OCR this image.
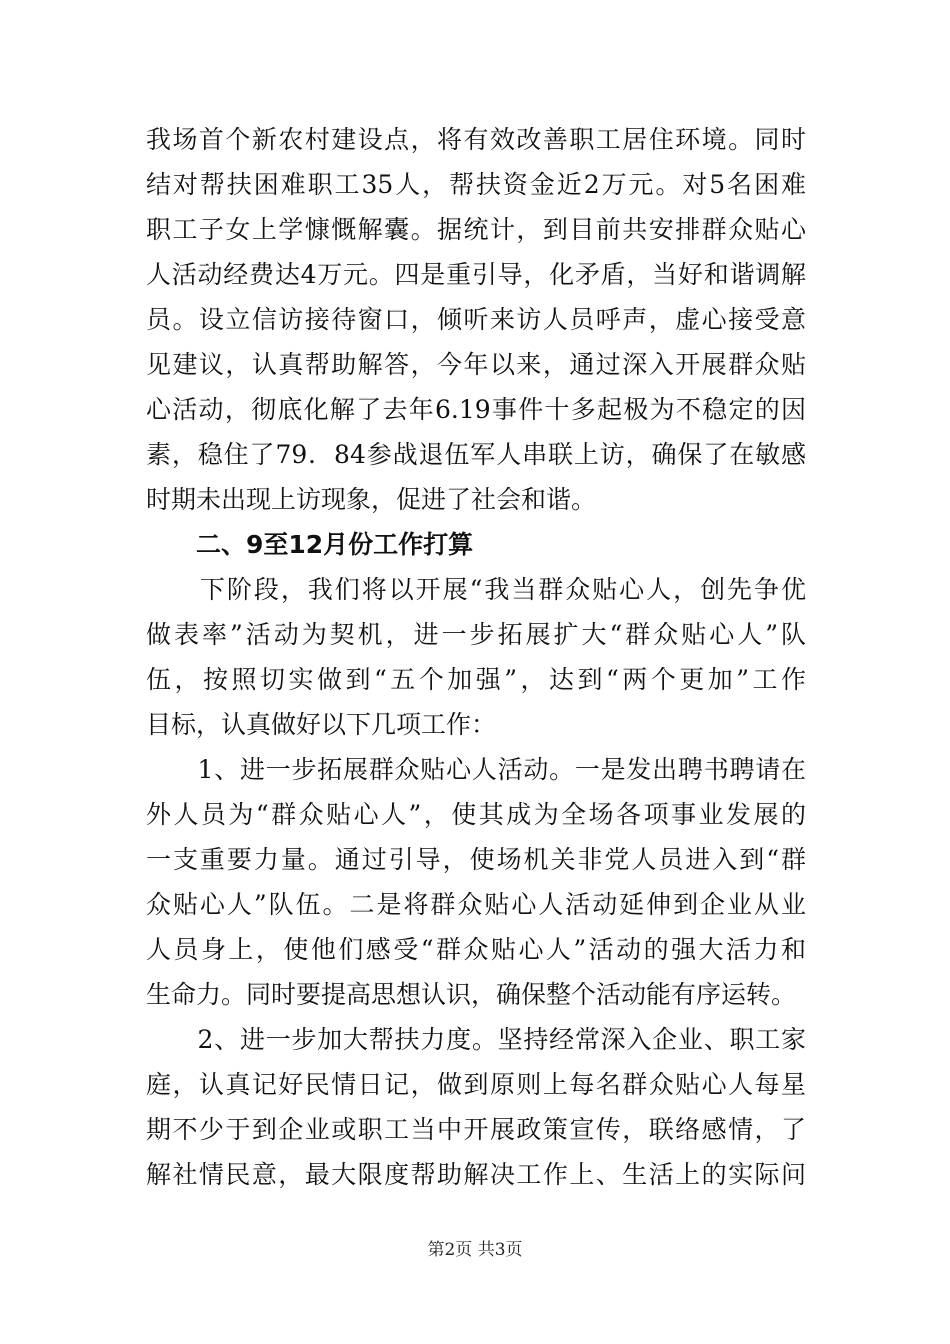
我场首个新农村建设点，将有效改善职工居住环境。同时
结对帮扶困难职工35人，帮扶资金近2万元。对5名困难
职工子女上学慷慨解囊。据统计，到目前共安排群众贴心
人活动经费达4万元。四是重引导，化矛盾，当好和谐调解
员。设立信访接待窗口，倾听来访人员呼声，虚心接受意
见建议，认真帮助解答，今年以来，通过深入开展群众贴
心活动，彻底化解了去年6.19事件十多起极为不稳定的因
素，稳住了79．84参战退伍军人串联上访，确保了在敏感
时期未出现上访现象，促进了社会和谐。
　　二、9至12月份工作打算
　　下阶段，我们将以开展“我当群众贴心人，创先争优
做表率”活动为契机，进一步拓展扩大“群众贴心人”队
伍，按照切实做到“五个加强”，达到“两个更加”工作
目标，认真做好以下几项工作：
　　1、进一步拓展群众贴心人活动。一是发出聘书聘请在
外人员为“群众贴心人”，使其成为全场各项事业发展的
一支重要力量。通过引导，使场机关非党人员进入到“群
众贴心人”队伍。二是将群众贴心人活动延伸到企业从业
人员身上，使他们感受“群众贴心人”活动的强大活力和
生命力。同时要提高思想认识，确保整个活动能有序运转。
　　2、进一步加大帮扶力度。坚持经常深入企业、职工家
庭，认真记好民情日记，做到原则上每名群众贴心人每星
期不少于到企业或职工当中开展政策宣传，联络感情，了
解社情民意，最大限度帮助解决工作上、生活上的实际问
第2页 共3页
